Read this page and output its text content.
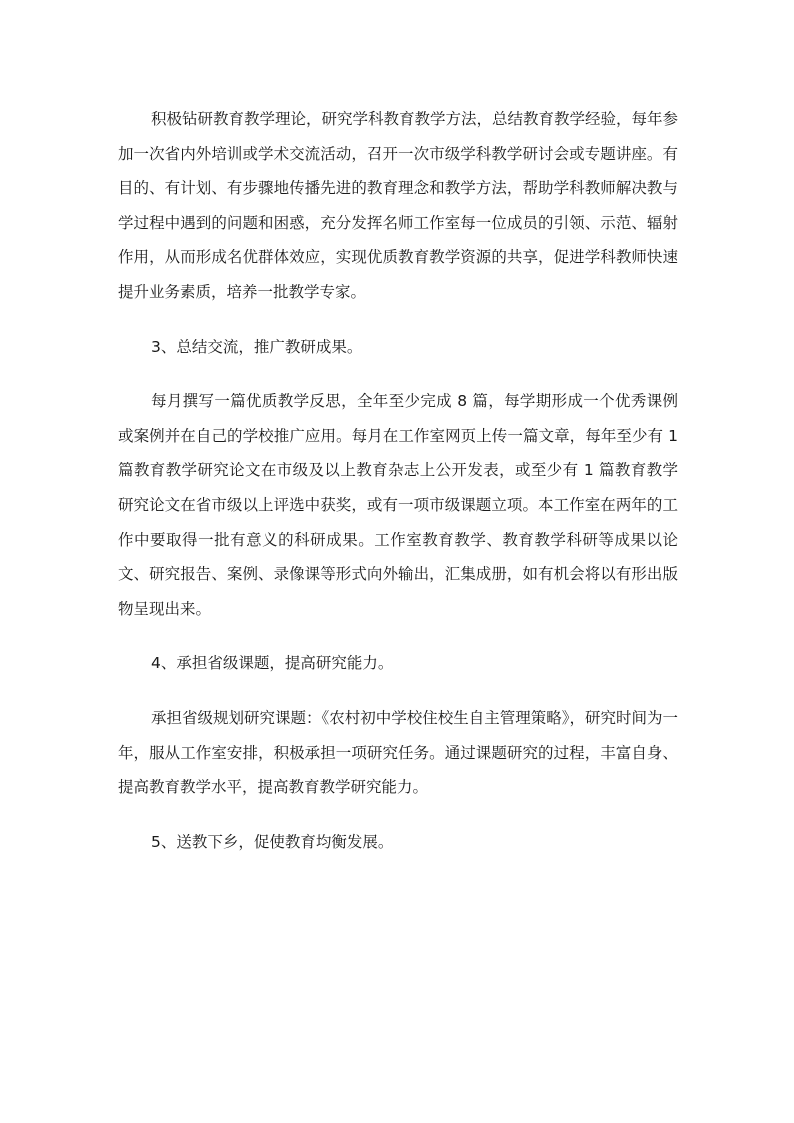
积极钻研教育教学理论，研究学科教育教学方法，总结教育教学经验，每年参加一次省内外培训或学术交流活动，召开一次市级学科教学研讨会或专题讲座。有目的、有计划、有步骤地传播先进的教育理念和教学方法，帮助学科教师解决教与学过程中遇到的问题和困惑，充分发挥名师工作室每一位成员的引领、示范、辐射作用，从而形成名优群体效应，实现优质教育教学资源的共享，促进学科教师快速提升业务素质，培养一批教学专家。

3、总结交流，推广教研成果。

每月撰写一篇优质教学反思，全年至少完成 8 篇，每学期形成一个优秀课例或案例并在自己的学校推广应用。每月在工作室网页上传一篇文章，每年至少有 1 篇教育教学研究论文在市级及以上教育杂志上公开发表，或至少有 1 篇教育教学研究论文在省市级以上评选中获奖，或有一项市级课题立项。本工作室在两年的工作中要取得一批有意义的科研成果。工作室教育教学、教育教学科研等成果以论文、研究报告、案例、录像课等形式向外输出，汇集成册，如有机会将以有形出版物呈现出来。

4、承担省级课题，提高研究能力。

承担省级规划研究课题：《农村初中学校住校生自主管理策略》，研究时间为一年，服从工作室安排，积极承担一项研究任务。通过课题研究的过程，丰富自身、提高教育教学水平，提高教育教学研究能力。

5、送教下乡，促使教育均衡发展。
